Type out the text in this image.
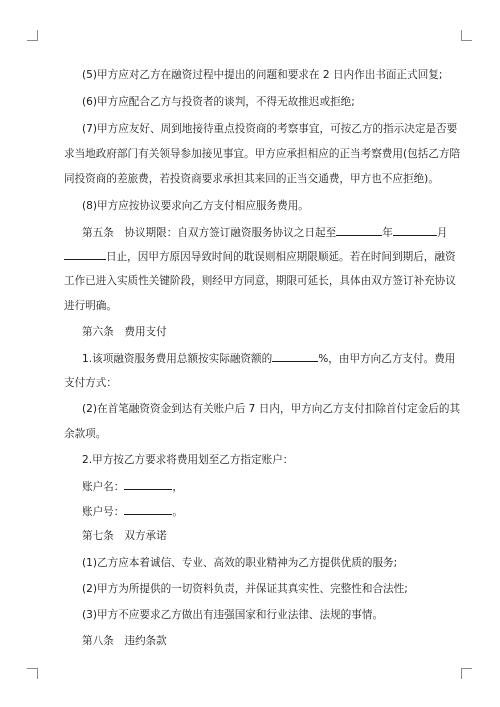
(5)甲方应对乙方在融资过程中提出的问题和要求在 2 日内作出书面正式回复;
(6)甲方应配合乙方与投资者的谈判，不得无故推迟或拒绝;
(7)甲方应友好、周到地接待重点投资商的考察事宜，可按乙方的指示决定是否要
求当地政府部门有关领导参加接见事宜。甲方应承担相应的正当考察费用(包括乙方陪
同投资商的差旅费，若投资商要求承担其来回的正当交通费，甲方也不应拒绝)。
(8)甲方应按协议要求向乙方支付相应服务费用。
第五条　协议期限：自双方签订融资服务协议之日起至	年	月
日止，因甲方原因导致时间的耽误则相应期限顺延。若在时间到期后，融资
工作已进入实质性关键阶段，则经甲方同意，期限可延长，具体由双方签订补充协议
进行明确。
第六条　费用支付
1.该项融资服务费用总额按实际融资额的	%，由甲方向乙方支付。费用
支付方式：
(2)在首笔融资资金到达有关账户后 7 日内，甲方向乙方支付扣除首付定金后的其
余款项。
2.甲方按乙方要求将费用划至乙方指定账户：
账户名：	，
账户号：	。
第七条　双方承诺
(1)乙方应本着诚信、专业、高效的职业精神为乙方提供优质的服务;
(2)甲方为所提供的一切资料负责，并保证其真实性、完整性和合法性;
(3)甲方不应要求乙方做出有违强国家和行业法律、法规的事情。
第八条　违约条款
